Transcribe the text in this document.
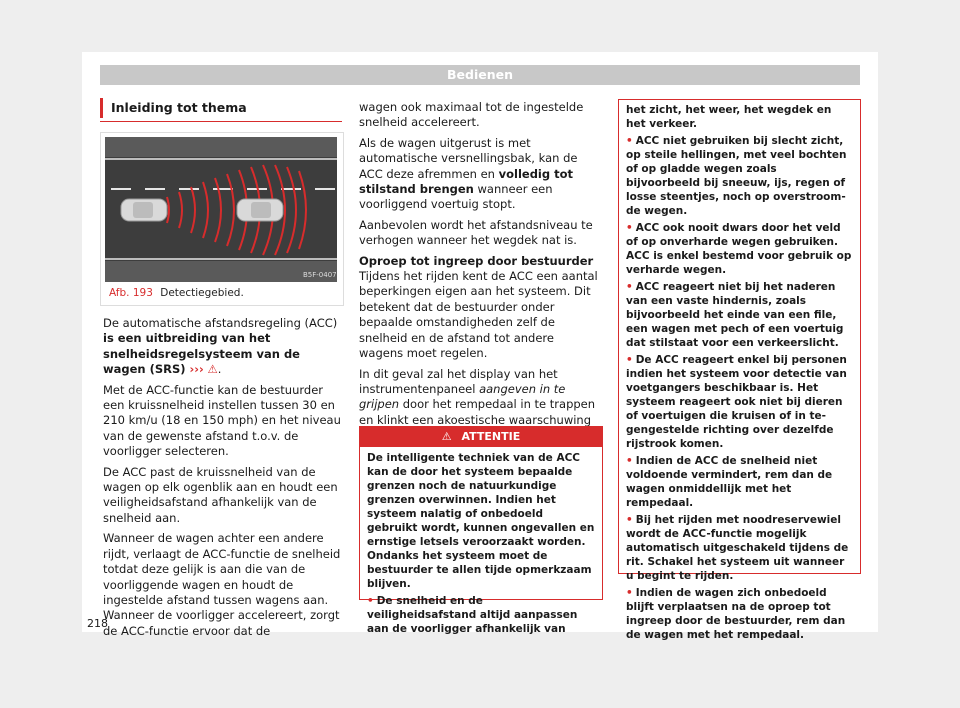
Bedienen
Inleiding tot thema
B5F-0407
Afb. 193 Detectiegebied.

De automatische afstandsregeling (ACC) is een uitbreiding van het snelheidsregelsysteem van de wagen (SRS) ››› ⚠.

Met de ACC-functie kan de bestuurder een kruissnelheid instellen tussen 30 en 210 km/u (18 en 150 mph) en het niveau van de gewenste afstand t.o.v. de voorligger selecteren.

De ACC past de kruissnelheid van de wagen op elk ogenblik aan en houdt een veiligheidsafstand afhankelijk van de snelheid aan.

Wanneer de wagen achter een andere rijdt, verlaagt de ACC-functie de snelheid totdat deze gelijk is aan die van de voorliggende wagen en houdt de ingestelde afstand tussen wagens aan. Wanneer de voorligger accelereert, zorgt de ACC-functie ervoor dat de

wagen ook maximaal tot de ingestelde snelheid accelereert.

Als de wagen uitgerust is met automatische versnellingsbak, kan de ACC deze afremmen en volledig tot stilstand brengen wanneer een voorliggend voertuig stopt.

Aanbevolen wordt het afstandsniveau te verhogen wanneer het wegdek nat is.

Oproep tot ingreep door bestuurder

Tijdens het rijden kent de ACC een aantal beperkingen eigen aan het systeem. Dit betekent dat de bestuurder onder bepaalde omstandigheden zelf de snelheid en de afstand tot andere wagens moet regelen.

In dit geval zal het display van het instrumentenpaneel aangeven in te grijpen door het rempedaal in te trappen en klinkt een akoestische waarschuwing

⚠ ATTENTIE

De intelligente techniek van de ACC kan de door het systeem bepaalde grenzen noch de natuurkundige grenzen overwinnen. Indien het systeem nalatig of onbedoeld gebruikt wordt, kunnen ongevallen en ernstige letsels veroorzaakt worden. Ondanks het systeem moet de bestuurder te allen tijde opmerkzaam blijven.

• De snelheid en de veiligheidsafstand altijd aanpassen aan de voorligger afhankelijk van

het zicht, het weer, het wegdek en het verkeer.

• ACC niet gebruiken bij slecht zicht, op steile hellingen, met veel bochten of op gladde wegen zoals bijvoorbeeld bij sneeuw, ijs, regen of losse steentjes, noch op overstroomde wegen.

• ACC ook nooit dwars door het veld of op onverharde wegen gebruiken. ACC is enkel bestemd voor gebruik op verharde wegen.

• ACC reageert niet bij het naderen van een vaste hindernis, zoals bijvoorbeeld het einde van een file, een wagen met pech of een voertuig dat stilstaat voor een verkeerslicht.

• De ACC reageert enkel bij personen indien het systeem voor detectie van voetgangers beschikbaar is. Het systeem reageert ook niet bij dieren of voertuigen die kruisen of in tegengestelde richting over dezelfde rijstrook komen.

• Indien de ACC de snelheid niet voldoende vermindert, rem dan de wagen onmiddellijk met het rempedaal.

• Bij het rijden met noodreservewiel wordt de ACC-functie mogelijk automatisch uitgeschakeld tijdens de rit. Schakel het systeem uit wanneer u begint te rijden.

• Indien de wagen zich onbedoeld blijft verplaatsen na de oproep tot ingreep door de bestuurder, rem dan de wagen met het rempedaal.

218
